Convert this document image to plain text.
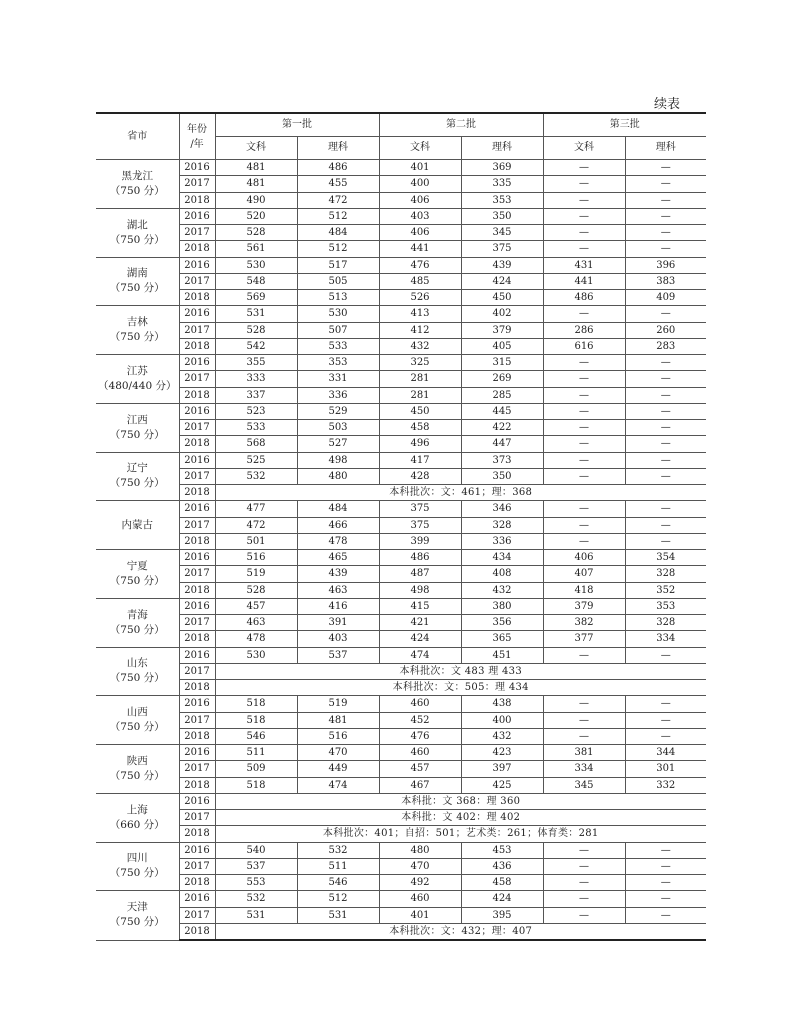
续表
省市	年份
/年	第一批		第二批		第三批	
		文科	理科	文科	理科	文科	理科

黑龙江
（750 分）	2016	481	486	401	369	—	—
	2017	481	455	400	335	—	—
	2018	490	472	406	353	—	—

湖北
（750 分）	2016	520	512	403	350	—	—
	2017	528	484	406	345	—	—
	2018	561	512	441	375	—	—

湖南
（750 分）	2016	530	517	476	439	431	396
	2017	548	505	485	424	441	383
	2018	569	513	526	450	486	409

吉林
（750 分）	2016	531	530	413	402	—	—
	2017	528	507	412	379	286	260
	2018	542	533	432	405	616	283

江苏
（480/440 分）	2016	355	353	325	315	—	—
	2017	333	331	281	269	—	—
	2018	337	336	281	285	—	—

江西
（750 分）	2016	523	529	450	445	—	—
	2017	533	503	458	422	—	—
	2018	568	527	496	447	—	—

辽宁
（750 分）	2016	525	498	417	373	—	—
	2017	532	480	428	350	—	—
	2018	本科批次：文：461；理：368					

内蒙古	2016	477	484	375	346	—	—
	2017	472	466	375	328	—	—
	2018	501	478	399	336	—	—

宁夏
（750 分）	2016	516	465	486	434	406	354
	2017	519	439	487	408	407	328
	2018	528	463	498	432	418	352

青海
（750 分）	2016	457	416	415	380	379	353
	2017	463	391	421	356	382	328
	2018	478	403	424	365	377	334

山东
（750 分）	2016	530	537	474	451	—	—
	2017	本科批次：文 483 理 433					
	2018	本科批次：文：505：理 434					

山西
（750 分）	2016	518	519	460	438	—	—
	2017	518	481	452	400	—	—
	2018	546	516	476	432	—	—

陕西
（750 分）	2016	511	470	460	423	381	344
	2017	509	449	457	397	334	301
	2018	518	474	467	425	345	332

上海
（660 分）	2016	本科批：文 368：理 360					
	2017	本科批：文 402：理 402					
	2018	本科批次：401；自招：501；艺术类：261；体育类：281					

四川
（750 分）	2016	540	532	480	453	—	—
	2017	537	511	470	436	—	—
	2018	553	546	492	458	—	—

天津
（750 分）	2016	532	512	460	424	—	—
	2017	531	531	401	395	—	—
	2018	本科批次：文：432；理：407					
